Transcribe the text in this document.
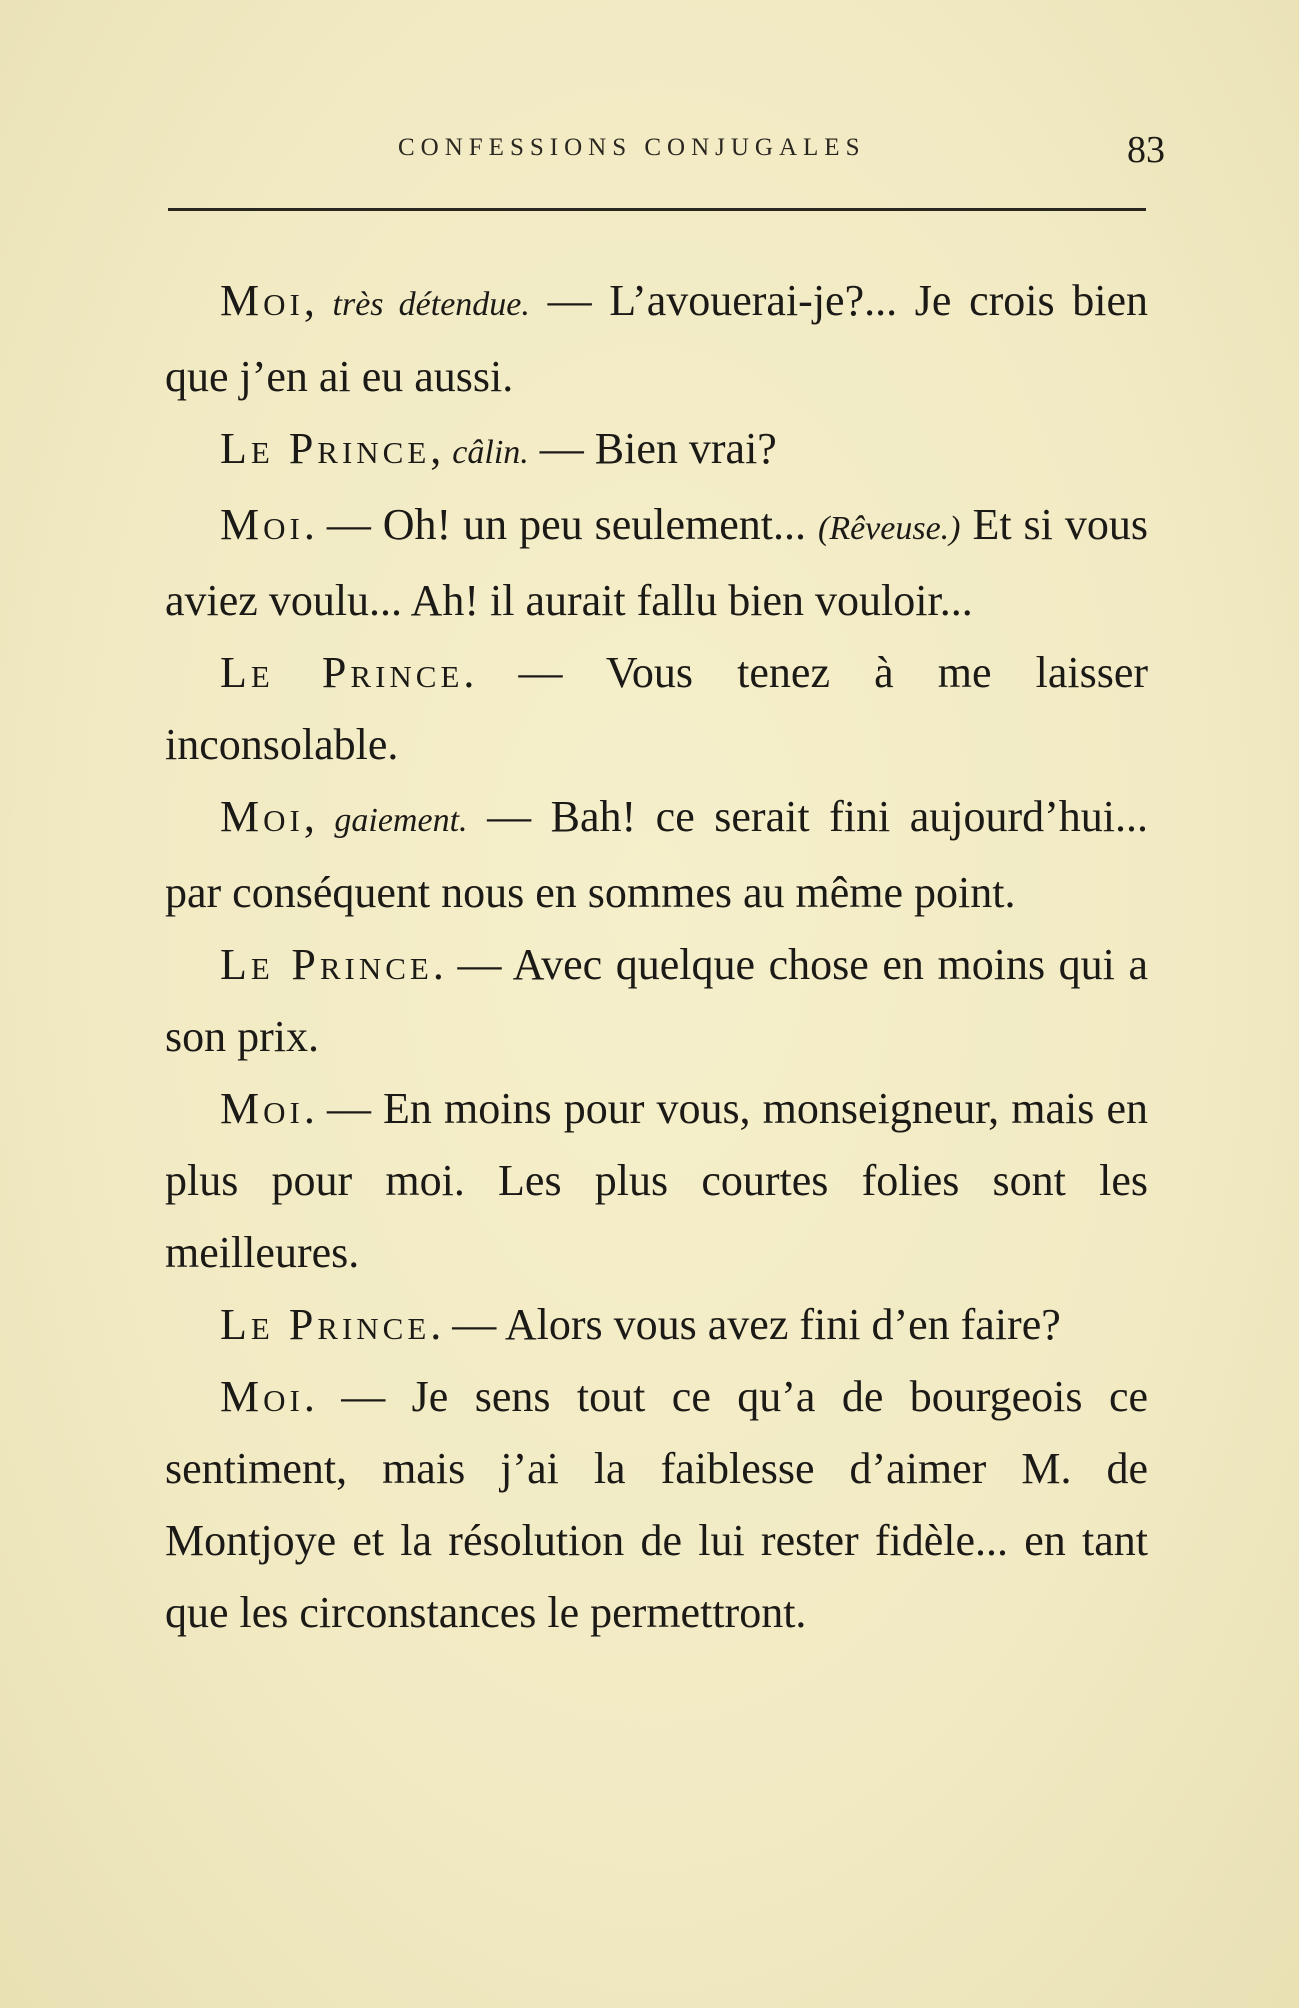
CONFESSIONS CONJUGALES	83

Moi, très détendue. — L’avouerai-je?... Je crois bien que j’en ai eu aussi.

Le Prince, câlin. — Bien vrai?

Moi. — Oh! un peu seulement... (Rêveuse.) Et si vous aviez voulu... Ah! il aurait fallu bien vouloir...

Le Prince. — Vous tenez à me laisser inconsolable.

Moi, gaiement. — Bah! ce serait fini aujourd’hui... par conséquent nous en sommes au même point.

Le Prince. — Avec quelque chose en moins qui a son prix.

Moi. — En moins pour vous, monseigneur, mais en plus pour moi. Les plus courtes folies sont les meilleures.

Le Prince. — Alors vous avez fini d’en faire?

Moi. — Je sens tout ce qu’a de bourgeois ce sentiment, mais j’ai la faiblesse d’aimer M. de Montjoye et la résolution de lui rester fidèle... en tant que les circonstances le permettront.
